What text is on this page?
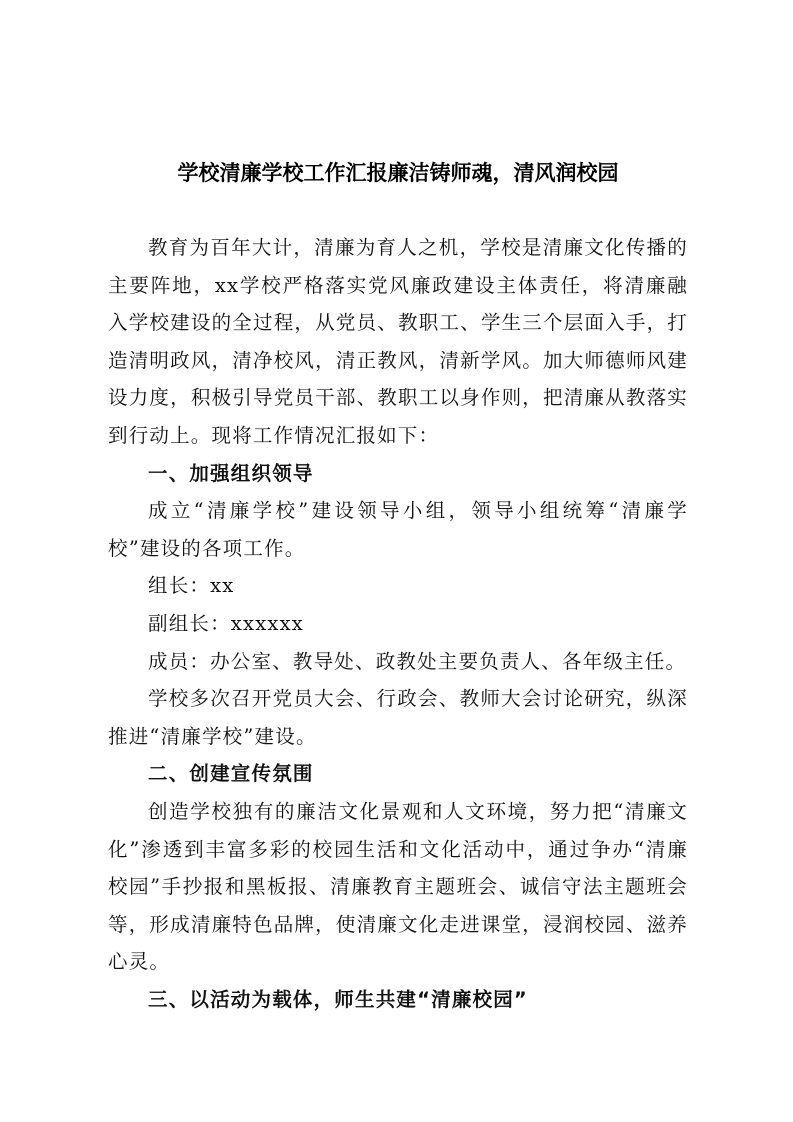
学校清廉学校工作汇报廉洁铸师魂，清风润校园

教育为百年大计，清廉为育人之机，学校是清廉文化传播的主要阵地，xx学校严格落实党风廉政建设主体责任，将清廉融入学校建设的全过程，从党员、教职工、学生三个层面入手，打造清明政风，清净校风，清正教风，清新学风。加大师德师风建设力度，积极引导党员干部、教职工以身作则，把清廉从教落实到行动上。现将工作情况汇报如下：

一、加强组织领导

成立“清廉学校”建设领导小组，领导小组统筹“清廉学校”建设的各项工作。

组长：xx

副组长：xxxxxx

成员：办公室、教导处、政教处主要负责人、各年级主任。

学校多次召开党员大会、行政会、教师大会讨论研究，纵深推进“清廉学校”建设。

二、创建宣传氛围

创造学校独有的廉洁文化景观和人文环境，努力把“清廉文化”渗透到丰富多彩的校园生活和文化活动中，通过争办“清廉校园”手抄报和黑板报、清廉教育主题班会、诚信守法主题班会等，形成清廉特色品牌，使清廉文化走进课堂，浸润校园、滋养心灵。

三、以活动为载体，师生共建“清廉校园”
